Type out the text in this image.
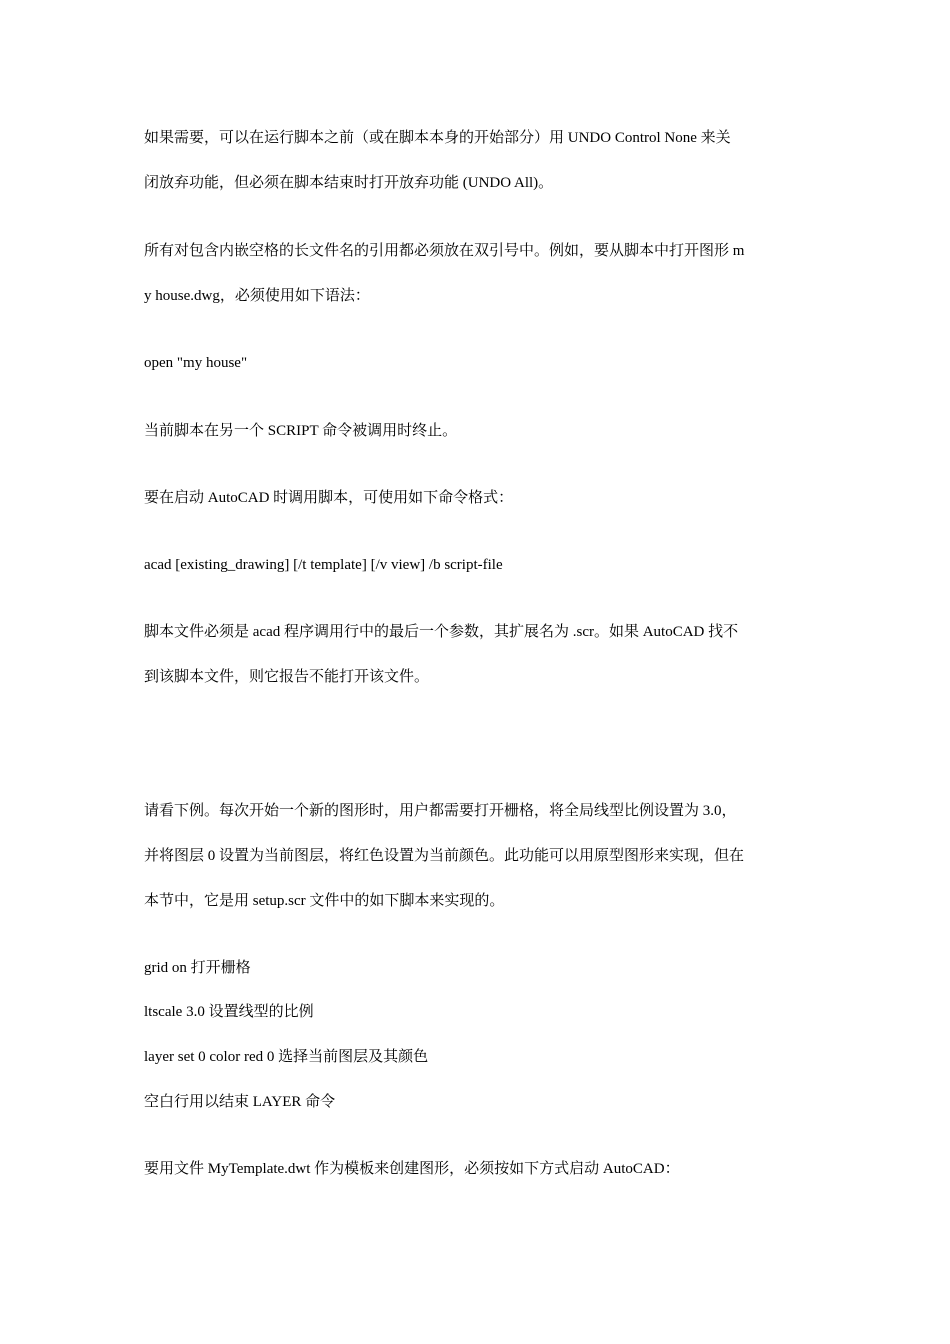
如果需要，可以在运行脚本之前（或在脚本本身的开始部分）用 UNDO Control None 来关

闭放弃功能，但必须在脚本结束时打开放弃功能 (UNDO All)。

所有对包含内嵌空格的长文件名的引用都必须放在双引号中。例如，要从脚本中打开图形 m

y house.dwg，必须使用如下语法：

open "my house"

当前脚本在另一个 SCRIPT 命令被调用时终止。

要在启动 AutoCAD 时调用脚本，可使用如下命令格式：

acad [existing_drawing] [/t template] [/v view] /b script-file

脚本文件必须是 acad 程序调用行中的最后一个参数，其扩展名为 .scr。如果 AutoCAD 找不

到该脚本文件，则它报告不能打开该文件。

请看下例。每次开始一个新的图形时，用户都需要打开栅格，将全局线型比例设置为 3.0，

并将图层 0 设置为当前图层，将红色设置为当前颜色。此功能可以用原型图形来实现，但在

本节中，它是用 setup.scr 文件中的如下脚本来实现的。

grid on 打开栅格

ltscale 3.0 设置线型的比例

layer set 0 color red 0 选择当前图层及其颜色

空白行用以结束 LAYER 命令

要用文件 MyTemplate.dwt 作为模板来创建图形，必须按如下方式启动 AutoCAD：
